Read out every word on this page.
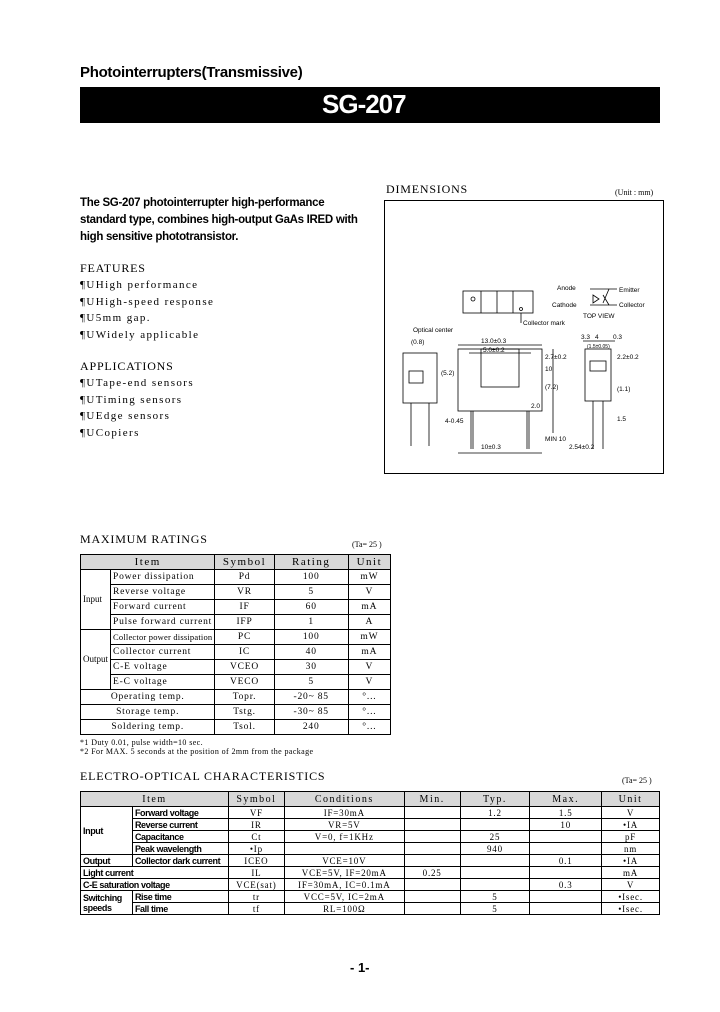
Photointerrupters(Transmissive)
SG-207
The SG-207 photointerrupter high-performance standard type, combines high-output GaAs IRED with high sensitive phototransistor.
FEATURES
¶UHigh performance
¶UHigh-speed response
¶U5mm gap.
¶UWidely applicable
APPLICATIONS
¶UTape-end sensors
¶UTiming sensors
¶UEdge sensors
¶UCopiers
DIMENSIONS	(Unit : mm)
Anode
Cathode
Emitter
Collector
Collector mark
TOP VIEW
Optical center
13.0±0.3
5.0±0.2
(0.8)
(5.2)
(7.2)
2.7±0.2
10
2.0
MIN 10
4-0.45
10±0.3
3.3 4 0.3
2.2±0.2
(1.1)
1.5
2.54±0.2
(1.5±0.05)
MAXIMUM RATINGS	(Ta= 25 )
Item		Symbol	Rating	Unit
Input	Power dissipation	Pd	100	mW
	Reverse voltage	VR	5	V
	Forward current	IF	60	mA
	Pulse forward current	IFP	1	A
Output	Collector power dissipation	PC	100	mW
	Collector current	IC	40	mA
	C-E voltage	VCEO	30	V
	E-C voltage	VECO	5	V
Operating temp.		Topr.	-20~ 85	°...
Storage temp.		Tstg.	-30~ 85	°...
Soldering temp.		Tsol.	240	°...
*1 Duty 0.01, pulse width=10 sec.
*2 For MAX. 5 seconds at the position of 2mm from the package
ELECTRO-OPTICAL CHARACTERISTICS	(Ta= 25 )
Item		Symbol	Conditions	Min.	Typ.	Max.	Unit
Input	Forward voltage	VF	IF=30mA		1.2	1.5	V
	Reverse current	IR	VR=5V			10	•IA
	Capacitance	Ct	V=0, f=1KHz		25		pF
	Peak wavelength	•Ip			940		nm
Output	Collector dark current	ICEO	VCE=10V			0.1	•IA
Light current		IL	VCE=5V, IF=20mA	0.25			mA
C-E saturation voltage		VCE(sat)	IF=30mA, IC=0.1mA			0.3	V
Switching speeds	Rise time	tr	VCC=5V, IC=2mA		5		•Isec.
	Fall time	tf	RL=100Ω		5		•Isec.
- 1-
